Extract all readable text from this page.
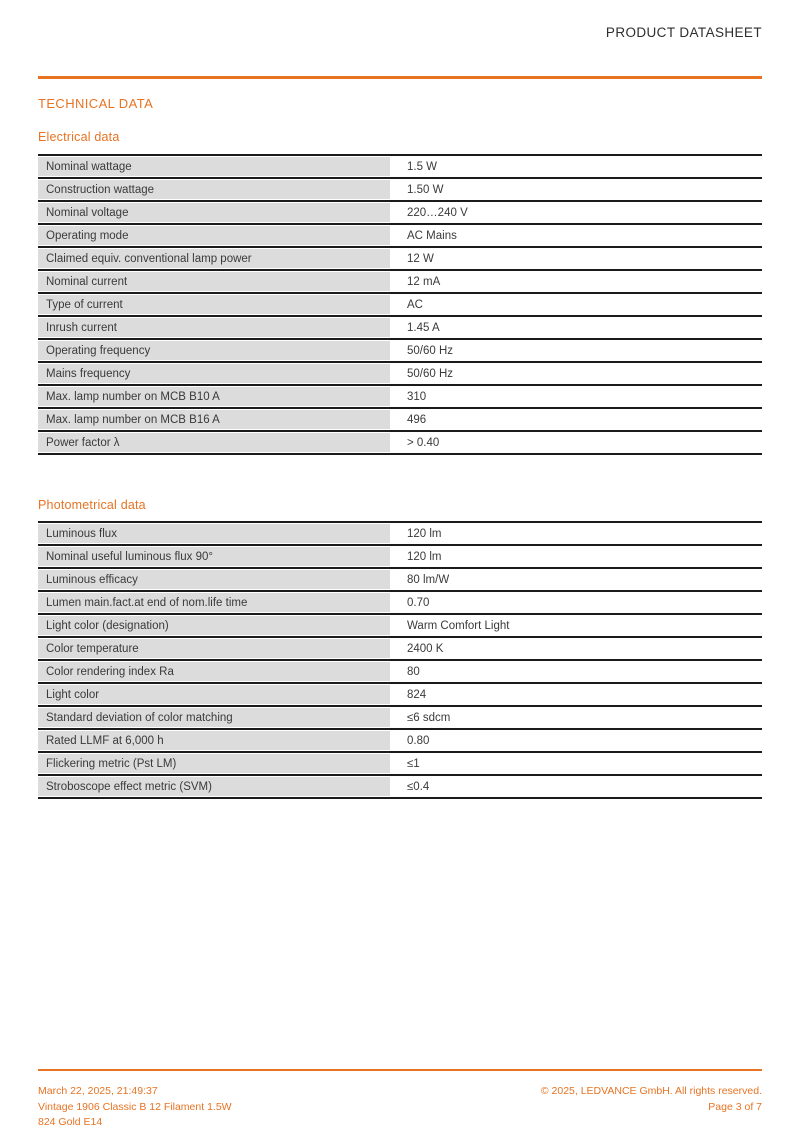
PRODUCT DATASHEET
TECHNICAL DATA
Electrical data
Nominal wattage	1.5 W
Construction wattage	1.50 W
Nominal voltage	220…240 V
Operating mode	AC Mains
Claimed equiv. conventional lamp power	12 W
Nominal current	12 mA
Type of current	AC
Inrush current	1.45 A
Operating frequency	50/60 Hz
Mains frequency	50/60 Hz
Max. lamp number on MCB B10 A	310
Max. lamp number on MCB B16 A	496
Power factor λ	> 0.40
Photometrical data
Luminous flux	120 lm
Nominal useful luminous flux 90°	120 lm
Luminous efficacy	80 lm/W
Lumen main.fact.at end of nom.life time	0.70
Light color (designation)	Warm Comfort Light
Color temperature	2400 K
Color rendering index Ra	80
Light color	824
Standard deviation of color matching	≤6 sdcm
Rated LLMF at 6,000 h	0.80
Flickering metric (Pst LM)	≤1
Stroboscope effect metric (SVM)	≤0.4
March 22, 2025, 21:49:37
Vintage 1906 Classic B 12 Filament 1.5W
824 Gold E14
© 2025, LEDVANCE GmbH. All rights reserved.
Page 3 of 7
